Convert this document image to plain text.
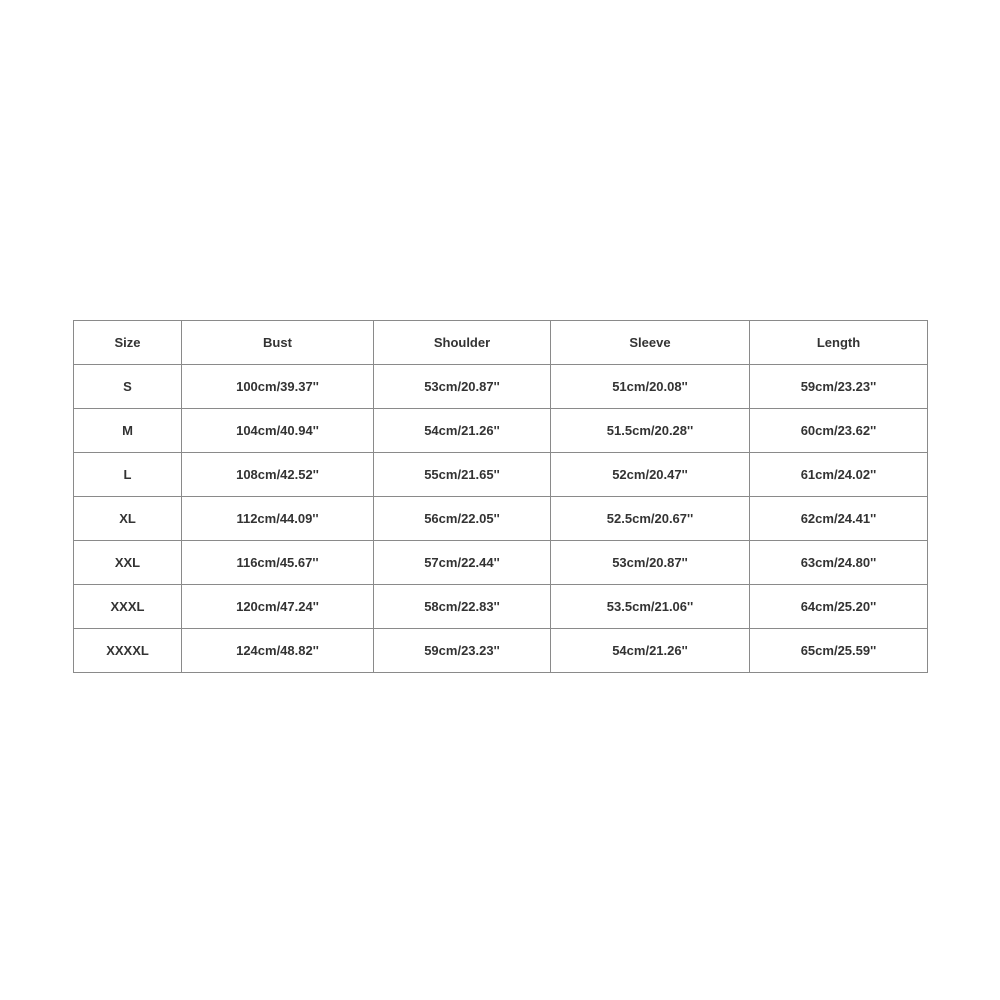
Size	Bust	Shoulder	Sleeve	Length
S	100cm/39.37''	53cm/20.87''	51cm/20.08''	59cm/23.23''
M	104cm/40.94''	54cm/21.26''	51.5cm/20.28''	60cm/23.62''
L	108cm/42.52''	55cm/21.65''	52cm/20.47''	61cm/24.02''
XL	112cm/44.09''	56cm/22.05''	52.5cm/20.67''	62cm/24.41''
XXL	116cm/45.67''	57cm/22.44''	53cm/20.87''	63cm/24.80''
XXXL	120cm/47.24''	58cm/22.83''	53.5cm/21.06''	64cm/25.20''
XXXXL	124cm/48.82''	59cm/23.23''	54cm/21.26''	65cm/25.59''
